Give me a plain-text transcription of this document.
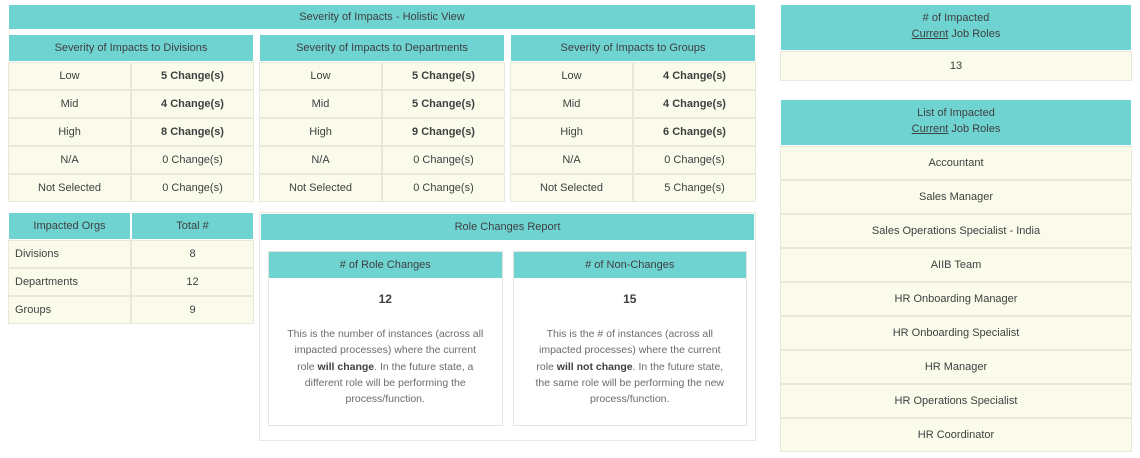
Severity of Impacts - Holistic View
Severity of Impacts to Divisions
Low	5 Change(s)
Mid	4 Change(s)
High	8 Change(s)
N/A	0 Change(s)
Not Selected	0 Change(s)
Severity of Impacts to Departments
Low	5 Change(s)
Mid	5 Change(s)
High	9 Change(s)
N/A	0 Change(s)
Not Selected	0 Change(s)
Severity of Impacts to Groups
Low	4 Change(s)
Mid	4 Change(s)
High	6 Change(s)
N/A	0 Change(s)
Not Selected	5 Change(s)
Impacted Orgs	Total #
Divisions	8
Departments	12
Groups	9
Role Changes Report
# of Role Changes
12
This is the number of instances (across all impacted processes) where the current role will change. In the future state, a different role will be performing the process/function.
# of Non-Changes
15
This is the # of instances (across all impacted processes) where the current role will not change. In the future state, the same role will be performing the new process/function.
# of Impacted
Current Job Roles
13
List of Impacted
Current Job Roles
Accountant
Sales Manager
Sales Operations Specialist - India
AIIB Team
HR Onboarding Manager
HR Onboarding Specialist
HR Manager
HR Operations Specialist
HR Coordinator
